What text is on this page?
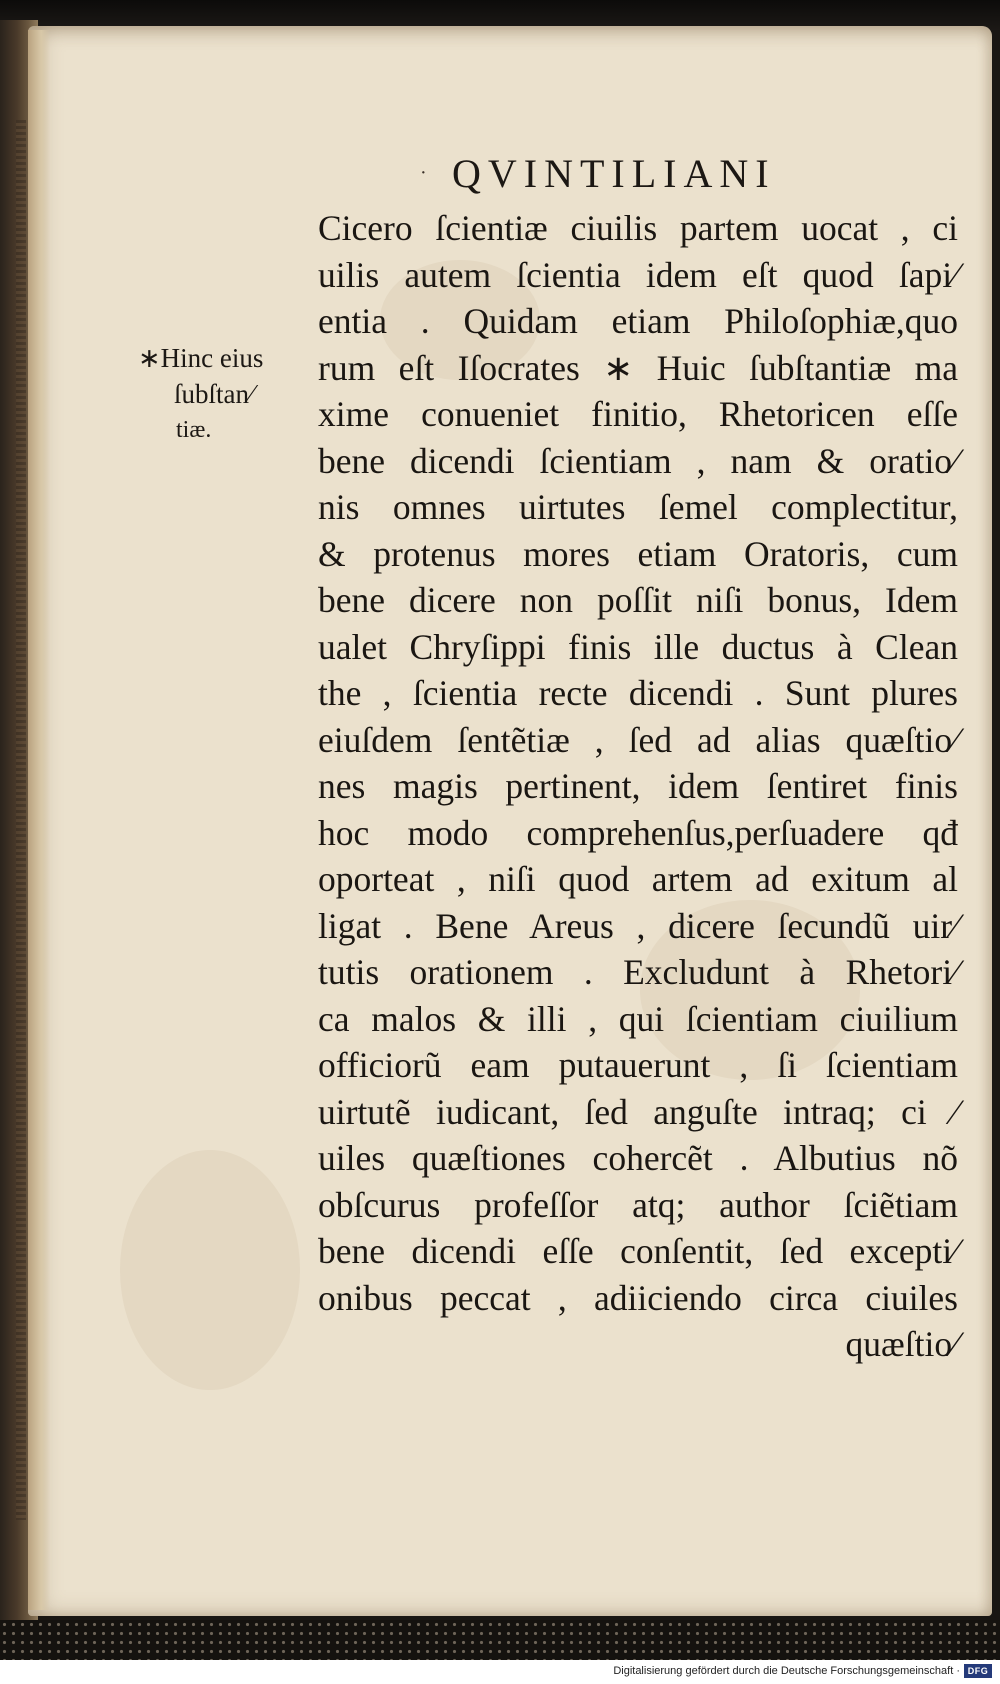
· QVINTILIANI
∗Hinc eius
ſubſtan⁄
tiæ.
Cicero ſcientiæ ciuilis partem uocat , ci
uilis autem ſcientia idem eſt quod ſapi⁄
entia . Quidam etiam Philoſophiæ,quo
rum eſt Iſocrates ∗ Huic ſubſtantiæ ma
xime conueniet finitio, Rhetoricen eſſe
bene dicendi ſcientiam , nam & oratio⁄
nis omnes uirtutes ſemel complectitur,
& protenus mores etiam Oratoris, cum
bene dicere non poſſit niſi bonus, Idem
ualet Chryſippi finis ille ductus à Clean
the , ſcientia recte dicendi . Sunt plures
eiuſdem ſentẽtiæ , ſed ad alias quæſtio⁄
nes magis pertinent, idem ſentiret finis
hoc modo comprehenſus,perſuadere qđ
oporteat , niſi quod artem ad exitum al
ligat . Bene Areus , dicere ſecundũ uir⁄
tutis orationem . Excludunt à Rhetori⁄
ca malos & illi , qui ſcientiam ciuilium
officiorũ eam putauerunt , ſi ſcientiam
uirtutẽ iudicant, ſed anguſte intraq; ci ⁄
uiles quæſtiones cohercẽt . Albutius nõ
obſcurus profeſſor atq; author ſciẽtiam
bene dicendi eſſe conſentit, ſed excepti⁄
onibus peccat , adiiciendo circa ciuiles
quæſtio⁄
Digitalisierung gefördert durch die Deutsche Forschungsgemeinschaft · DFG
